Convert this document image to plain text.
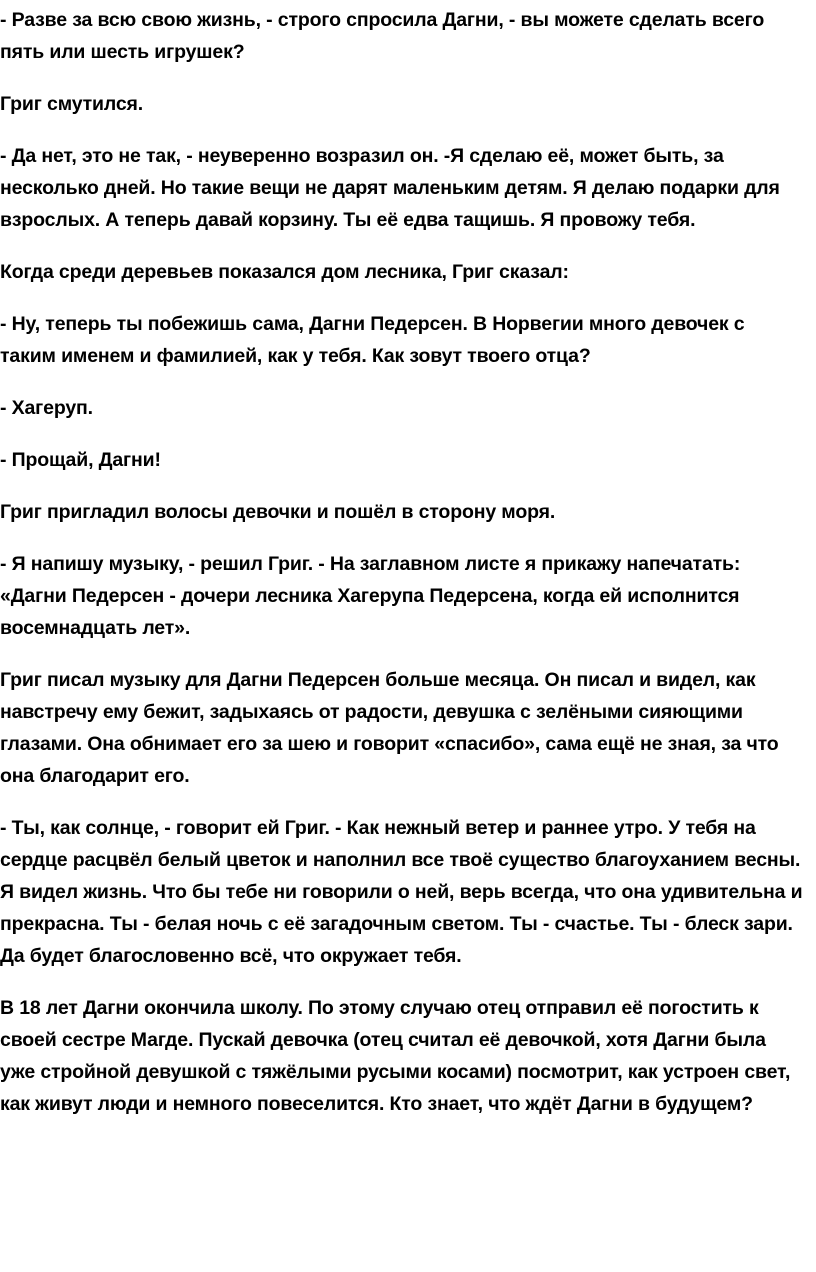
- Разве за всю свою жизнь, - строго спросила Дагни, - вы можете сделать всего пять или шесть игрушек?

Григ смутился.

- Да нет, это не так, - неуверенно возразил он. -Я сделаю её, может быть, за несколько дней. Но такие вещи не дарят маленьким детям. Я делаю подарки для взрослых. А теперь давай корзину. Ты её едва тащишь. Я провожу тебя.

Когда среди деревьев показался дом лесника, Григ сказал:

- Ну, теперь ты побежишь сама, Дагни Педерсен. В Норвегии много девочек с таким именем и фамилией, как у тебя. Как зовут твоего отца?

- Хагеруп.

- Прощай, Дагни!

Григ пригладил волосы девочки и пошёл в сторону моря.

- Я напишу музыку, - решил Григ. - На заглавном листе я прикажу напечатать: «Дагни Педерсен - дочери лесника Хагерупа Педерсена, когда ей исполнится восемнадцать лет».

Григ писал музыку для Дагни Педерсен больше месяца. Он писал и видел, как навстречу ему бежит, задыхаясь от радости, девушка с зелёными сияющими глазами. Она обнимает его за шею и говорит «спасибо», сама ещё не зная, за что она благодарит его.

- Ты, как солнце, - говорит ей Григ. - Как нежный ветер и раннее утро. У тебя на сердце расцвёл белый цветок и наполнил все твоё существо благоуханием весны. Я видел жизнь. Что бы тебе ни говорили о ней, верь всегда, что она удивительна и прекрасна. Ты - белая ночь с её загадочным светом. Ты - счастье. Ты - блеск зари. Да будет благословенно всё, что окружает тебя.

В 18 лет Дагни окончила школу. По этому случаю отец отправил её погостить к своей сестре Магде. Пускай девочка (отец считал её девочкой, хотя Дагни была уже стройной девушкой с тяжёлыми русыми косами) посмотрит, как устроен свет, как живут люди и немного повеселится. Кто знает, что ждёт Дагни в будущем?
